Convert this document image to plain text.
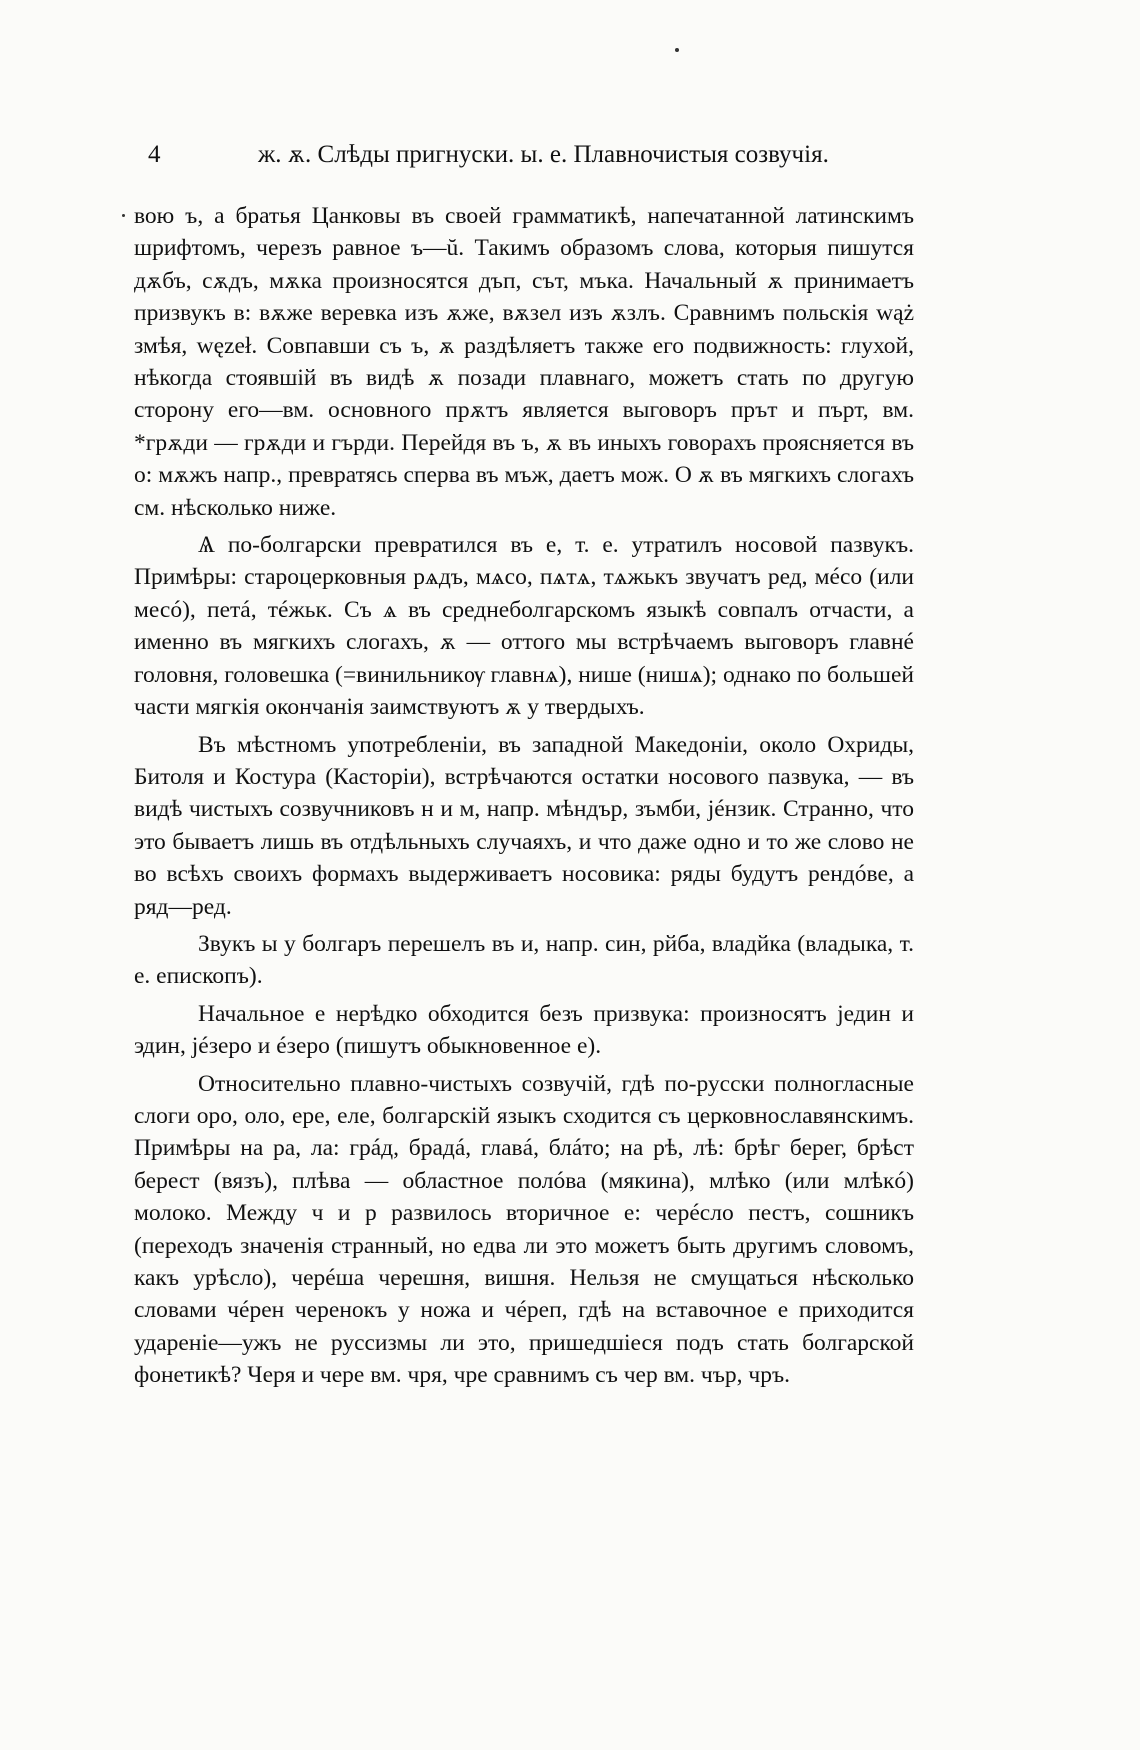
4	ж. ѫ. Слѣды пригнуски. ы. е. Плавночистыя созвучія.

вою ъ, а братья Цанковы въ своей грамматикѣ, напечатанной латинскимъ шрифтомъ, черезъ равное ъ—ŭ. Такимъ образомъ слова, которыя пишутся дѫбъ, сѫдъ, мѫка произносятся дъп, сът, мъка. Начальный ѫ принимаетъ призвукъ в: вѫже веревка изъ ѫже, вѫзел изъ ѫзлъ. Сравнимъ польскія wąż змѣя, węzeł. Совпавши съ ъ, ѫ раздѣляетъ также его подвижность: глухой, нѣкогда стоявшій въ видѣ ѫ позади плавнаго, можетъ стать по другую сторону его—вм. основного прѫтъ является выговоръ прът и пърт, вм. *грѫди — грѫди и гърди. Перейдя въ ъ, ѫ въ иныхъ говорахъ проясняется въ о: мѫжъ напр., превратясь сперва въ мъж, даетъ мож. О ѫ въ мягкихъ слогахъ см. нѣсколько ниже.

Ѧ по-болгарски превратился въ е, т. е. утратилъ носовой пазвукъ. Примѣры: староцерковныя рѧдъ, мѧсо, пѧтѧ, тѧжькъ звучатъ ред, мéсо (или месó), петá, тéжьк. Съ ѧ въ среднеболгарскомъ языкѣ совпалъ отчасти, а именно въ мягкихъ слогахъ, ѫ — оттого мы встрѣчаемъ выговоръ главнé головня, головешка (=винильникѹ главнѧ), нишe (нишѧ); однако по большей части мягкія окончанія заимствуютъ ѫ у твердыхъ.

Въ мѣстномъ употребленіи, въ западной Македоніи, около Охриды, Битоля и Костура (Касторіи), встрѣчаются остатки носового пазвука, — въ видѣ чистыхъ созвучниковъ н и м, напр. мѣндър, зъмби, јéнзик. Странно, что это бываетъ лишь въ отдѣльныхъ случаяхъ, и что даже одно и то же слово не во всѣхъ своихъ формахъ выдерживаетъ носовика: ряды будутъ рендóве, а ряд—ред.

Звукъ ы у болгаръ перешелъ въ и, напр. син, рйба, владйка (владыка, т. е. епископъ).

Начальное е нерѣдко обходится безъ призвука: произносятъ једин и эдин, јéзеро и éзеро (пишутъ обыкновенное е).

Относительно плавно-чистыхъ созвучій, гдѣ по-русски полногласные слоги оро, оло, ере, еле, болгарскій языкъ сходится съ церковнославянскимъ. Примѣры на ра, ла: грáд, брадá, главá, блáто; на рѣ, лѣ: брѣг берег, брѣст берест (вязъ), плѣва — областное полóва (мякина), млѣко (или млѣкó) молоко. Между ч и р развилось вторичное е: черéсло пестъ, сошникъ (переходъ значенія странный, но едва ли это можетъ быть другимъ словомъ, какъ урѣсло), черéша черешня, вишня. Нельзя не смущаться нѣсколько словами чéрен черенокъ у ножа и чéреп, гдѣ на вставочное е приходится удареніе—ужъ не руссизмы ли это, пришедшіеся подъ стать болгарской фонетикѣ? Черя и чере вм. чря, чре сравнимъ съ чер вм. чър, чръ.
